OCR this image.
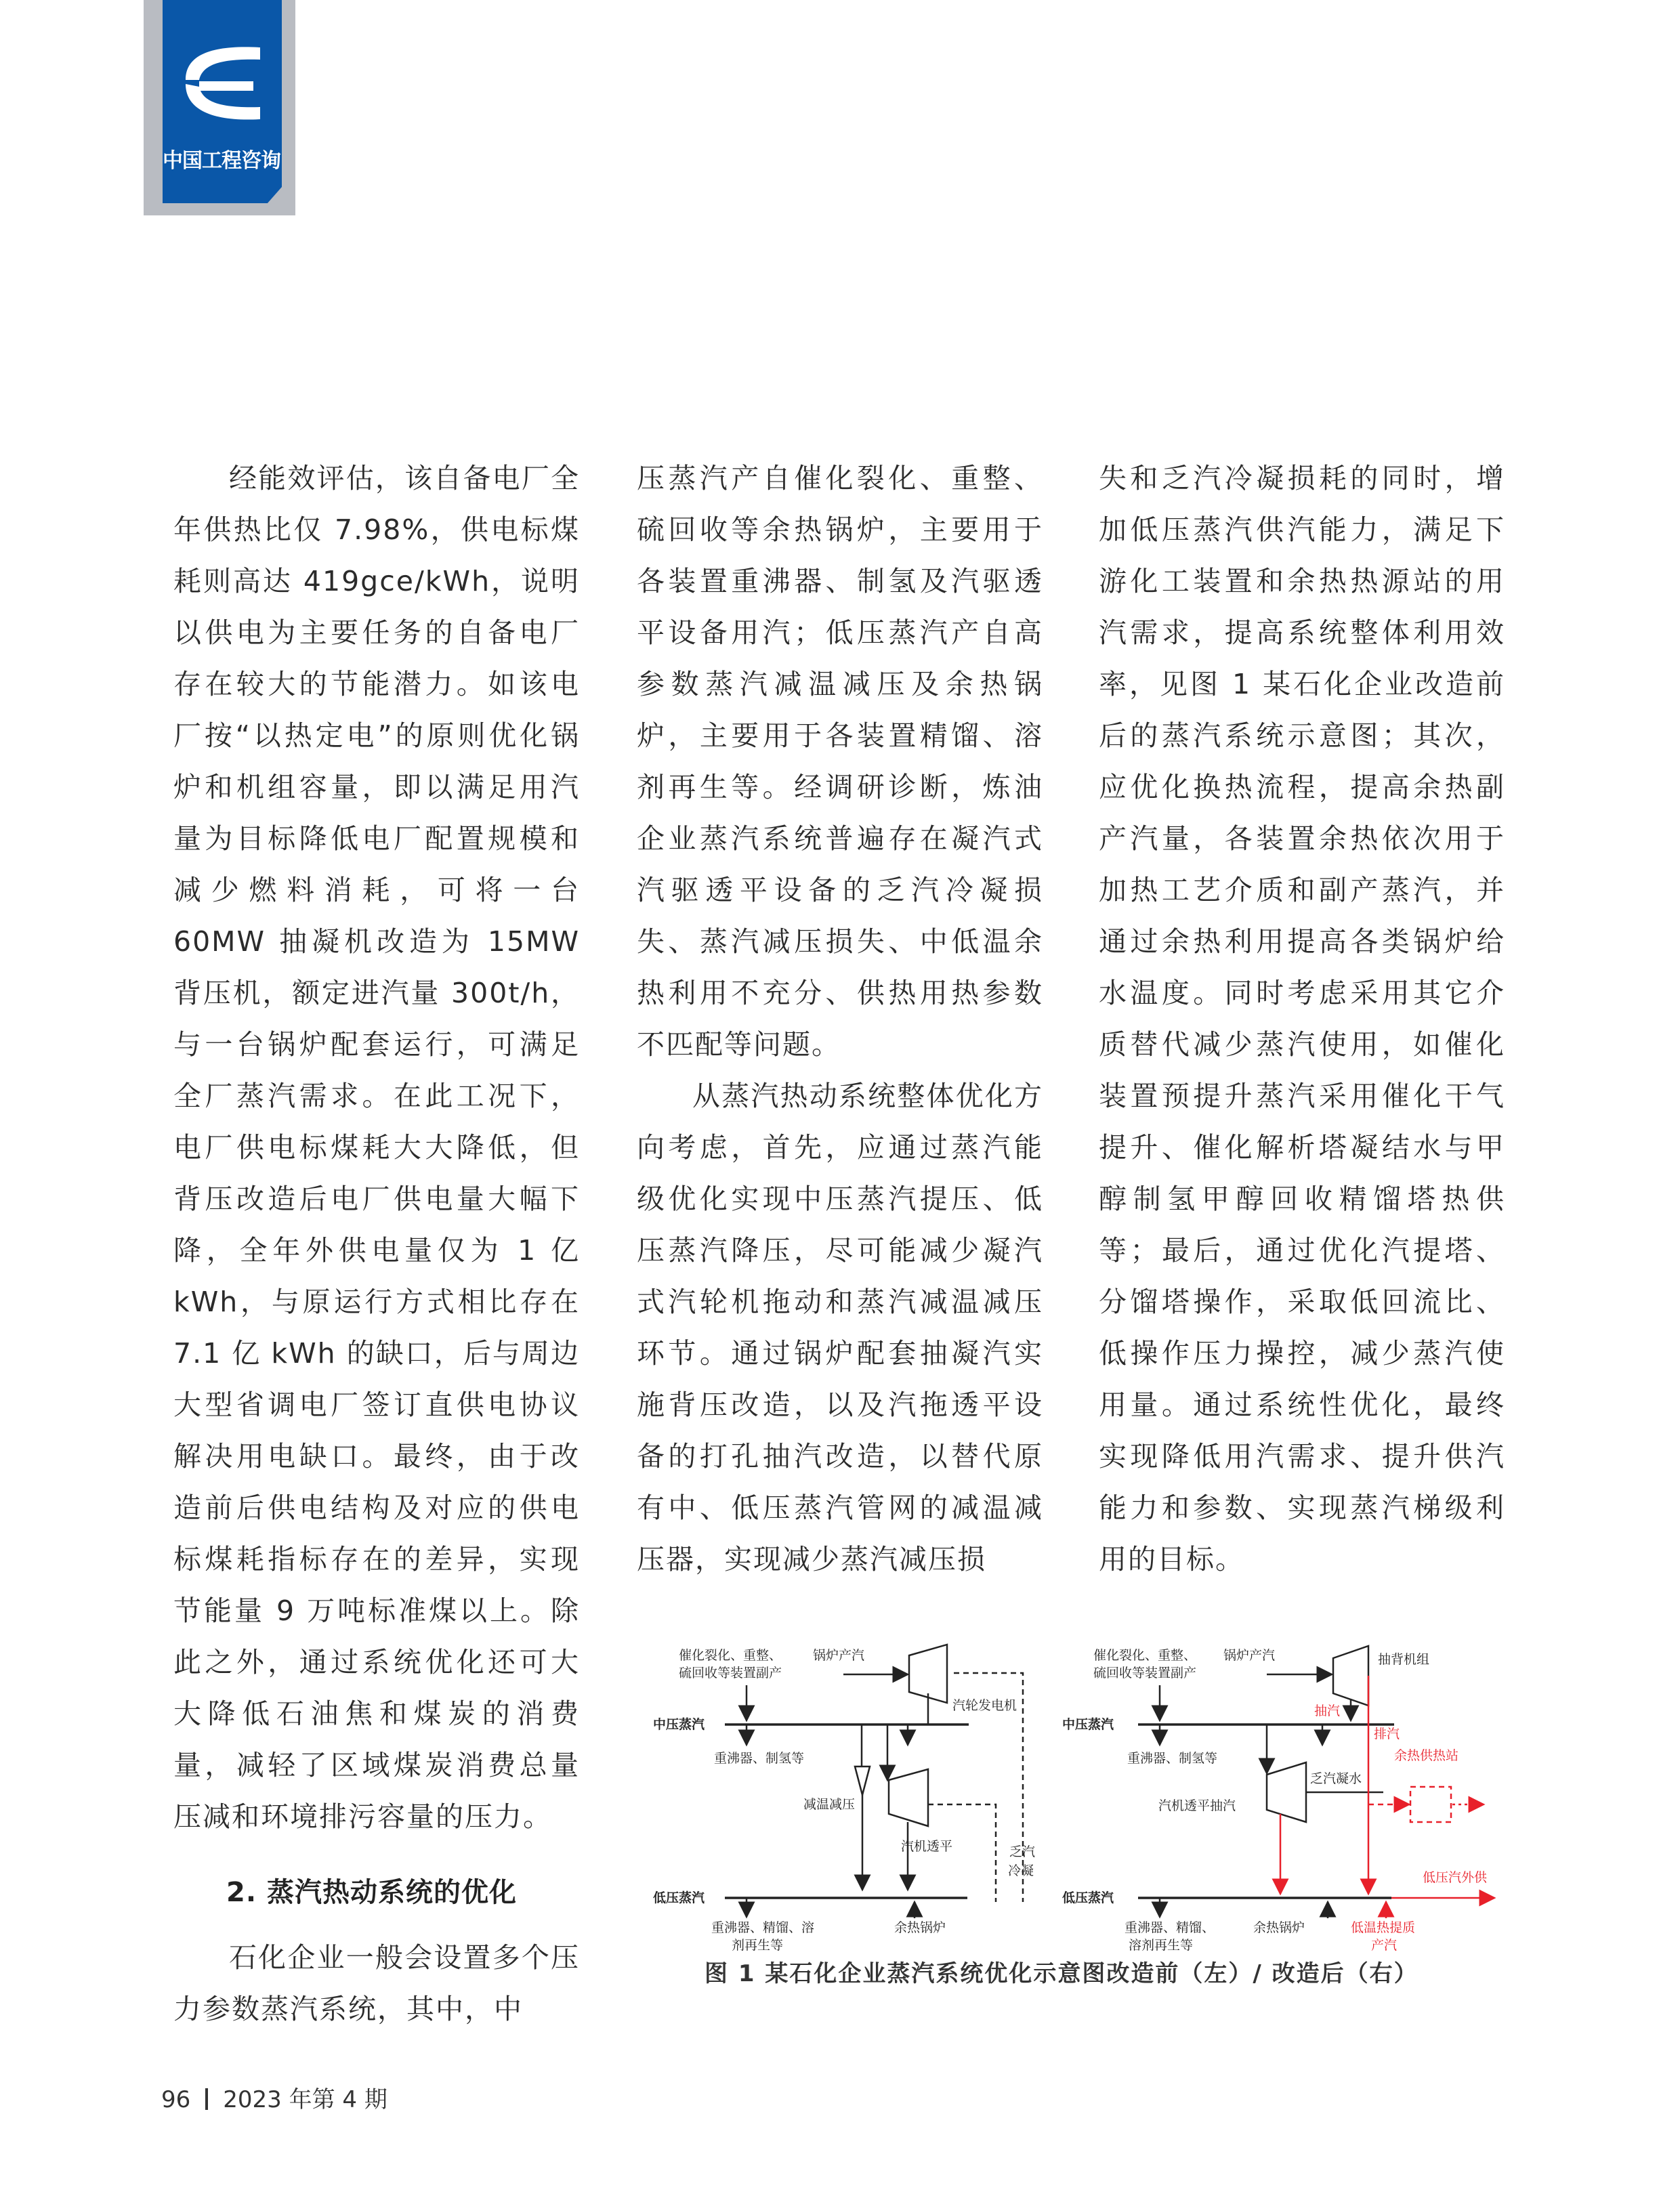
中国工程咨询

经能效评估，该自备电厂全年供热比仅 7.98%，供电标煤耗则高达 419gce/kWh，说明以供电为主要任务的自备电厂存在较大的节能潜力。如该电厂按“以热定电”的原则优化锅炉和机组容量，即以满足用汽量为目标降低电厂配置规模和减少燃料消耗，可将一台 60MW 抽凝机改造为 15MW 背压机，额定进汽量 300t/h，与一台锅炉配套运行，可满足全厂蒸汽需求。在此工况下，电厂供电标煤耗大大降低，但背压改造后电厂供电量大幅下降，全年外供电量仅为 1 亿 kWh，与原运行方式相比存在 7.1 亿 kWh 的缺口，后与周边大型省调电厂签订直供电协议解决用电缺口。最终，由于改造前后供电结构及对应的供电标煤耗指标存在的差异，实现节能量 9 万吨标准煤以上。除此之外，通过系统优化还可大大降低石油焦和煤炭的消费量，减轻了区域煤炭消费总量压减和环境排污容量的压力。

2. 蒸汽热动系统的优化

石化企业一般会设置多个压力参数蒸汽系统，其中，中

压蒸汽产自催化裂化、重整、硫回收等余热锅炉，主要用于各装置重沸器、制氢及汽驱透平设备用汽；低压蒸汽产自高参数蒸汽减温减压及余热锅炉，主要用于各装置精馏、溶剂再生等。经调研诊断，炼油企业蒸汽系统普遍存在凝汽式汽驱透平设备的乏汽冷凝损失、蒸汽减压损失、中低温余热利用不充分、供热用热参数不匹配等问题。

从蒸汽热动系统整体优化方向考虑，首先，应通过蒸汽能级优化实现中压蒸汽提压、低压蒸汽降压，尽可能减少凝汽式汽轮机拖动和蒸汽减温减压环节。通过锅炉配套抽凝汽实施背压改造，以及汽拖透平设备的打孔抽汽改造，以替代原有中、低压蒸汽管网的减温减压器，实现减少蒸汽减压损

失和乏汽冷凝损耗的同时，增加低压蒸汽供汽能力，满足下游化工装置和余热热源站的用汽需求，提高系统整体利用效率，见图 1 某石化企业改造前后的蒸汽系统示意图；其次，应优化换热流程，提高余热副产汽量，各装置余热依次用于加热工艺介质和副产蒸汽，并通过余热利用提高各类锅炉给水温度。同时考虑采用其它介质替代减少蒸汽使用，如催化装置预提升蒸汽采用催化干气提升、催化解析塔凝结水与甲醇制氢甲醇回收精馏塔热供等；最后，通过优化汽提塔、分馏塔操作，采取低回流比、低操作压力操控，减少蒸汽使用量。通过系统性优化，最终实现降低用汽需求、提升供汽能力和参数、实现蒸汽梯级利用的目标。

催化裂化、重整、
硫回收等装置副产
锅炉产汽
汽轮发电机
中压蒸汽
重沸器、制氢等
减温减压
汽机透平	乏汽
冷凝
低压蒸汽
重沸器、精馏、溶
剂再生等
余热锅炉
催化裂化、重整、
硫回收等装置副产
锅炉产汽	抽背机组
中压蒸汽
重沸器、制氢等
乏汽凝水
汽机透平抽汽
低压蒸汽
重沸器、精馏、
溶剂再生等
余热锅炉
抽汽
排汽
余热供热站
低压汽外供
低温热提质
产汽
图 1 某石化企业蒸汽系统优化示意图改造前（左）/ 改造后（右）
96 2023 年第 4 期
